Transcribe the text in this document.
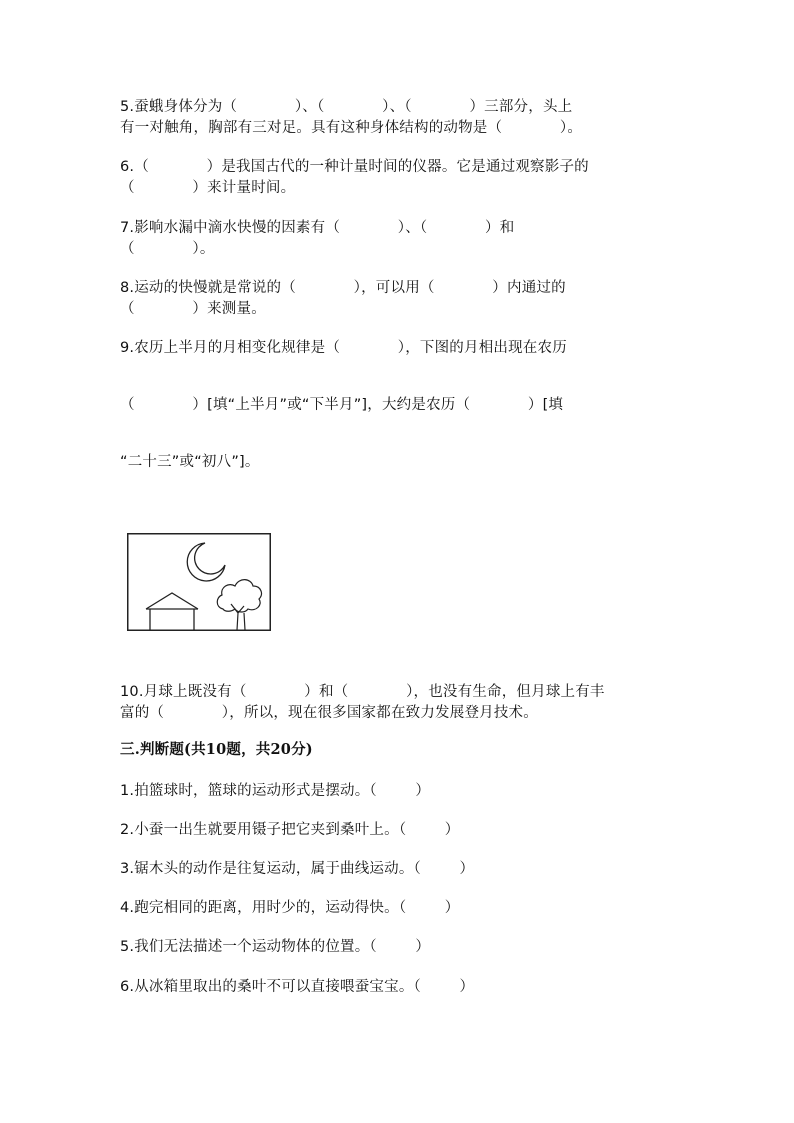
5.蚕蛾身体分为（            ）、（            ）、（            ）三部分，头上
有一对触角，胸部有三对足。具有这种身体结构的动物是（            ）。
6.（            ）是我国古代的一种计量时间的仪器。它是通过观察影子的
（            ）来计量时间。
7.影响水漏中滴水快慢的因素有（            ）、（            ）和
（            ）。
8.运动的快慢就是常说的（            ），可以用（            ）内通过的
（            ）来测量。
9.农历上半月的月相变化规律是（            ），下图的月相出现在农历
（            ）[填“上半月”或“下半月”]，大约是农历（            ）[填
“二十三”或“初八”]。
10.月球上既没有（            ）和（            ），也没有生命，但月球上有丰
富的（            ），所以，现在很多国家都在致力发展登月技术。
三.判断题(共10题，共20分)
1.拍篮球时，篮球的运动形式是摆动。（        ）
2.小蚕一出生就要用镊子把它夹到桑叶上。（        ）
3.锯木头的动作是往复运动，属于曲线运动。（        ）
4.跑完相同的距离，用时少的，运动得快。（        ）
5.我们无法描述一个运动物体的位置。（        ）
6.从冰箱里取出的桑叶不可以直接喂蚕宝宝。（        ）
